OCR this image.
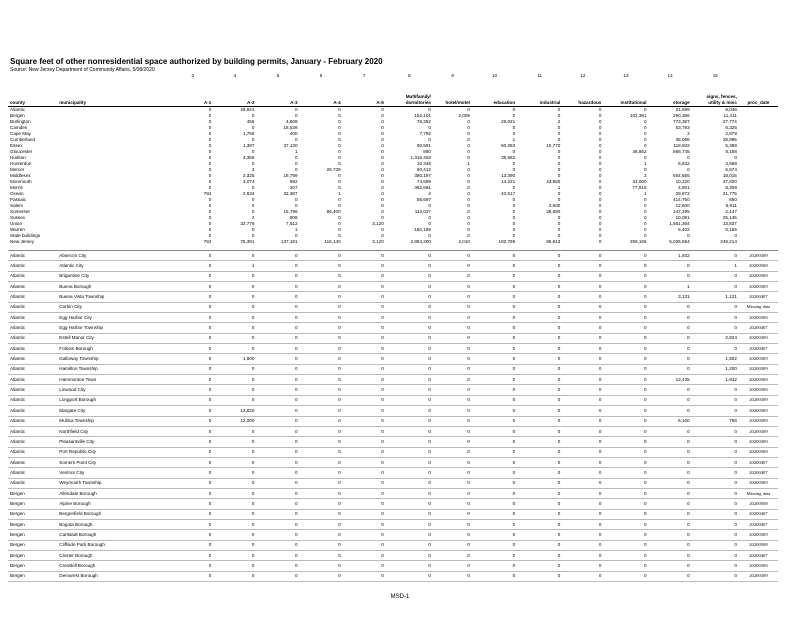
Square feet of other nonresidential space authorized by building permits, January - February 2020
Source: New Jersey Department of Community Affairs, 5/08/2020
		3	4	5	6	7	8	9	10	11	12	13	14	15	
county	municipality	A-1	A-2	A-3	A-4	A-5	Multifamily/
dormitories	hotel/motel	education	industrial	hazardous	institutional	storage	signs, fences,
utility & misc	proc_date
Atlantic		0	26,821	0	0	0	0	0	0	0	0	0	24,599	9,036	
Bergen		0	0	0	0	0	152,101	2,009	0	0	0	102,381	290,386	11,411	
Burlington		0	456	4,609	0	0	76,352	0	26,021	2	0	0	773,387	27,774	
Camden		0	0	18,539	0	0	0	0	0	0	0	0	53,793	6,325	
Cape May		0	1,758	400	0	0	7,792	0	0	0	0	0	2	2,879	
Cumberland		0	0	0	0	0	0	0	1	0	0	0	38,068	28,995	
Essex		0	1,387	37,130	0	0	90,591	0	50,083	10,770	0	0	118,932	5,389	
Gloucester		0	0	1	0	0	860	0	0	0	0	46,862	868,745	8,168	
Hudson		0	4,355	0	0	0	1,316,402	0	35,562	0	0	0	0	0	
Hunterdon		0	0	0	0	0	10,348	1	0	0	0	1	6,842	3,689	
Mercer		0	3	0	29,739	0	60,412	0	0	0	0	0	0	5,574	
Middlesex		0	2,325	18,799	0	0	380,197	0	13,390	0	0	2	654,655	18,015	
Monmouth		0	3,074	992	0	0	74,699	0	14,221	43,850	0	32,000	10,220	37,820	
Morris		0	0	207	0	0	362,681	0	0	1	0	77,918	4,801	8,309	
Ocean		784	2,634	32,387	1	0	2	0	43,517	0	0	1	29,872	21,775	
Passaic		0	0	0	0	0	55,697	0	0	0	0	0	414,750	850	
Salem		0	0	0	0	0	0	0	0	2,600	0	0	12,600	5,911	
Somerset		0	0	15,796	86,400	0	113,027	0	0	28,690	0	0	147,295	2,147	
Sussex		0	2	808	0	0	0	0	0	0	0	0	10,081	25,145	
Union		0	32,776	7,512	0	3,120	0	0	0	0	0	0	1,561,364	13,837	
Warren		0	0	1	0	0	180,169	0	0	0	0	0	6,402	6,165	
State buildings		0	0	0	0	0	0	0	0	0	0	0	0	0	
New Jersey		784	75,391	137,181	116,140	3,120	2,884,300	2,010	182,795	85,913	0	259,165	5,026,594	249,214	

Atlantic	Absecon City	0	0	0	0	0	0	0	0	0	0	0	1,932	0	20200309
Atlantic	Atlantic City	0	1	0	0	0	0	0	0	0	0	0	0	1	20200508
Atlantic	Brigantine City	0	0	0	0	0	0	0	0	0	0	0	0	0	20200309
Atlantic	Buena Borough	0	0	0	0	0	0	0	0	0	0	0	1	0	20200309
Atlantic	Buena Vista Township	0	0	0	0	0	0	0	0	0	0	0	3,131	1,121	20200407
Atlantic	Corbin City	0	0	0	0	0	0	0	0	0	0	0	0	0	Missing data
Atlantic	Egg Harbor City	0	0	0	0	0	0	0	0	0	0	0	0	0	20200309
Atlantic	Egg Harbor Township	0	0	0	0	0	0	0	0	0	0	0	0	0	20200407
Atlantic	Estell Manor City	0	0	0	0	0	0	0	0	0	0	0	0	2,824	20200309
Atlantic	Folsom Borough	0	0	0	0	0	0	0	0	0	0	0	0	0	20200407
Atlantic	Galloway Township	0	1,800	0	0	0	0	0	0	0	0	0	0	1,502	20200309
Atlantic	Hamilton Township	0	0	0	0	0	0	0	0	0	0	0	0	1,200	20200309
Atlantic	Hammonton Town	0	0	0	0	0	0	0	0	0	0	0	13,435	1,632	20200309
Atlantic	Linwood City	0	0	0	0	0	0	0	0	0	0	0	0	0	20200309
Atlantic	Longport Borough	0	0	0	0	0	0	0	0	0	0	0	0	0	20200309
Atlantic	Margate City	0	12,820	0	0	0	0	0	0	0	0	0	0	0	20200309
Atlantic	Mullica Township	0	12,000	0	0	0	0	0	0	0	0	0	6,100	756	20200309
Atlantic	Northfield City	0	0	0	0	0	0	0	0	0	0	0	0	0	20200309
Atlantic	Pleasantville City	0	0	0	0	0	0	0	0	0	0	0	0	0	20200309
Atlantic	Port Republic City	0	0	0	0	0	0	0	0	0	0	0	0	0	20200309
Atlantic	Somers Point City	0	0	0	0	0	0	0	0	0	0	0	0	0	20200407
Atlantic	Ventnor City	0	0	0	0	0	0	0	0	0	0	0	0	0	20200407
Atlantic	Weymouth Township	0	0	0	0	0	0	0	0	0	0	0	0	0	20200309
Bergen	Allendale Borough	0	0	0	0	0	0	0	0	0	0	0	0	0	Missing data
Bergen	Alpine Borough	0	0	0	0	0	0	0	0	0	0	0	0	0	20200508
Bergen	Bergenfield Borough	0	0	0	0	0	0	0	0	0	0	0	0	0	20200407
Bergen	Bogota Borough	0	0	0	0	0	0	0	0	0	0	0	0	0	20200407
Bergen	Carlstadt Borough	0	0	0	0	0	0	0	0	0	0	0	0	0	20200309
Bergen	Cliffside Park Borough	0	0	0	0	0	0	0	0	0	0	0	0	0	20200508
Bergen	Closter Borough	0	0	0	0	0	0	0	0	0	0	0	0	0	20200407
Bergen	Cresskill Borough	0	0	0	0	0	0	0	0	0	0	0	0	0	20200309
Bergen	Demarest Borough	0	0	0	0	0	0	0	0	0	0	0	0	0	20200309
MSD-1
